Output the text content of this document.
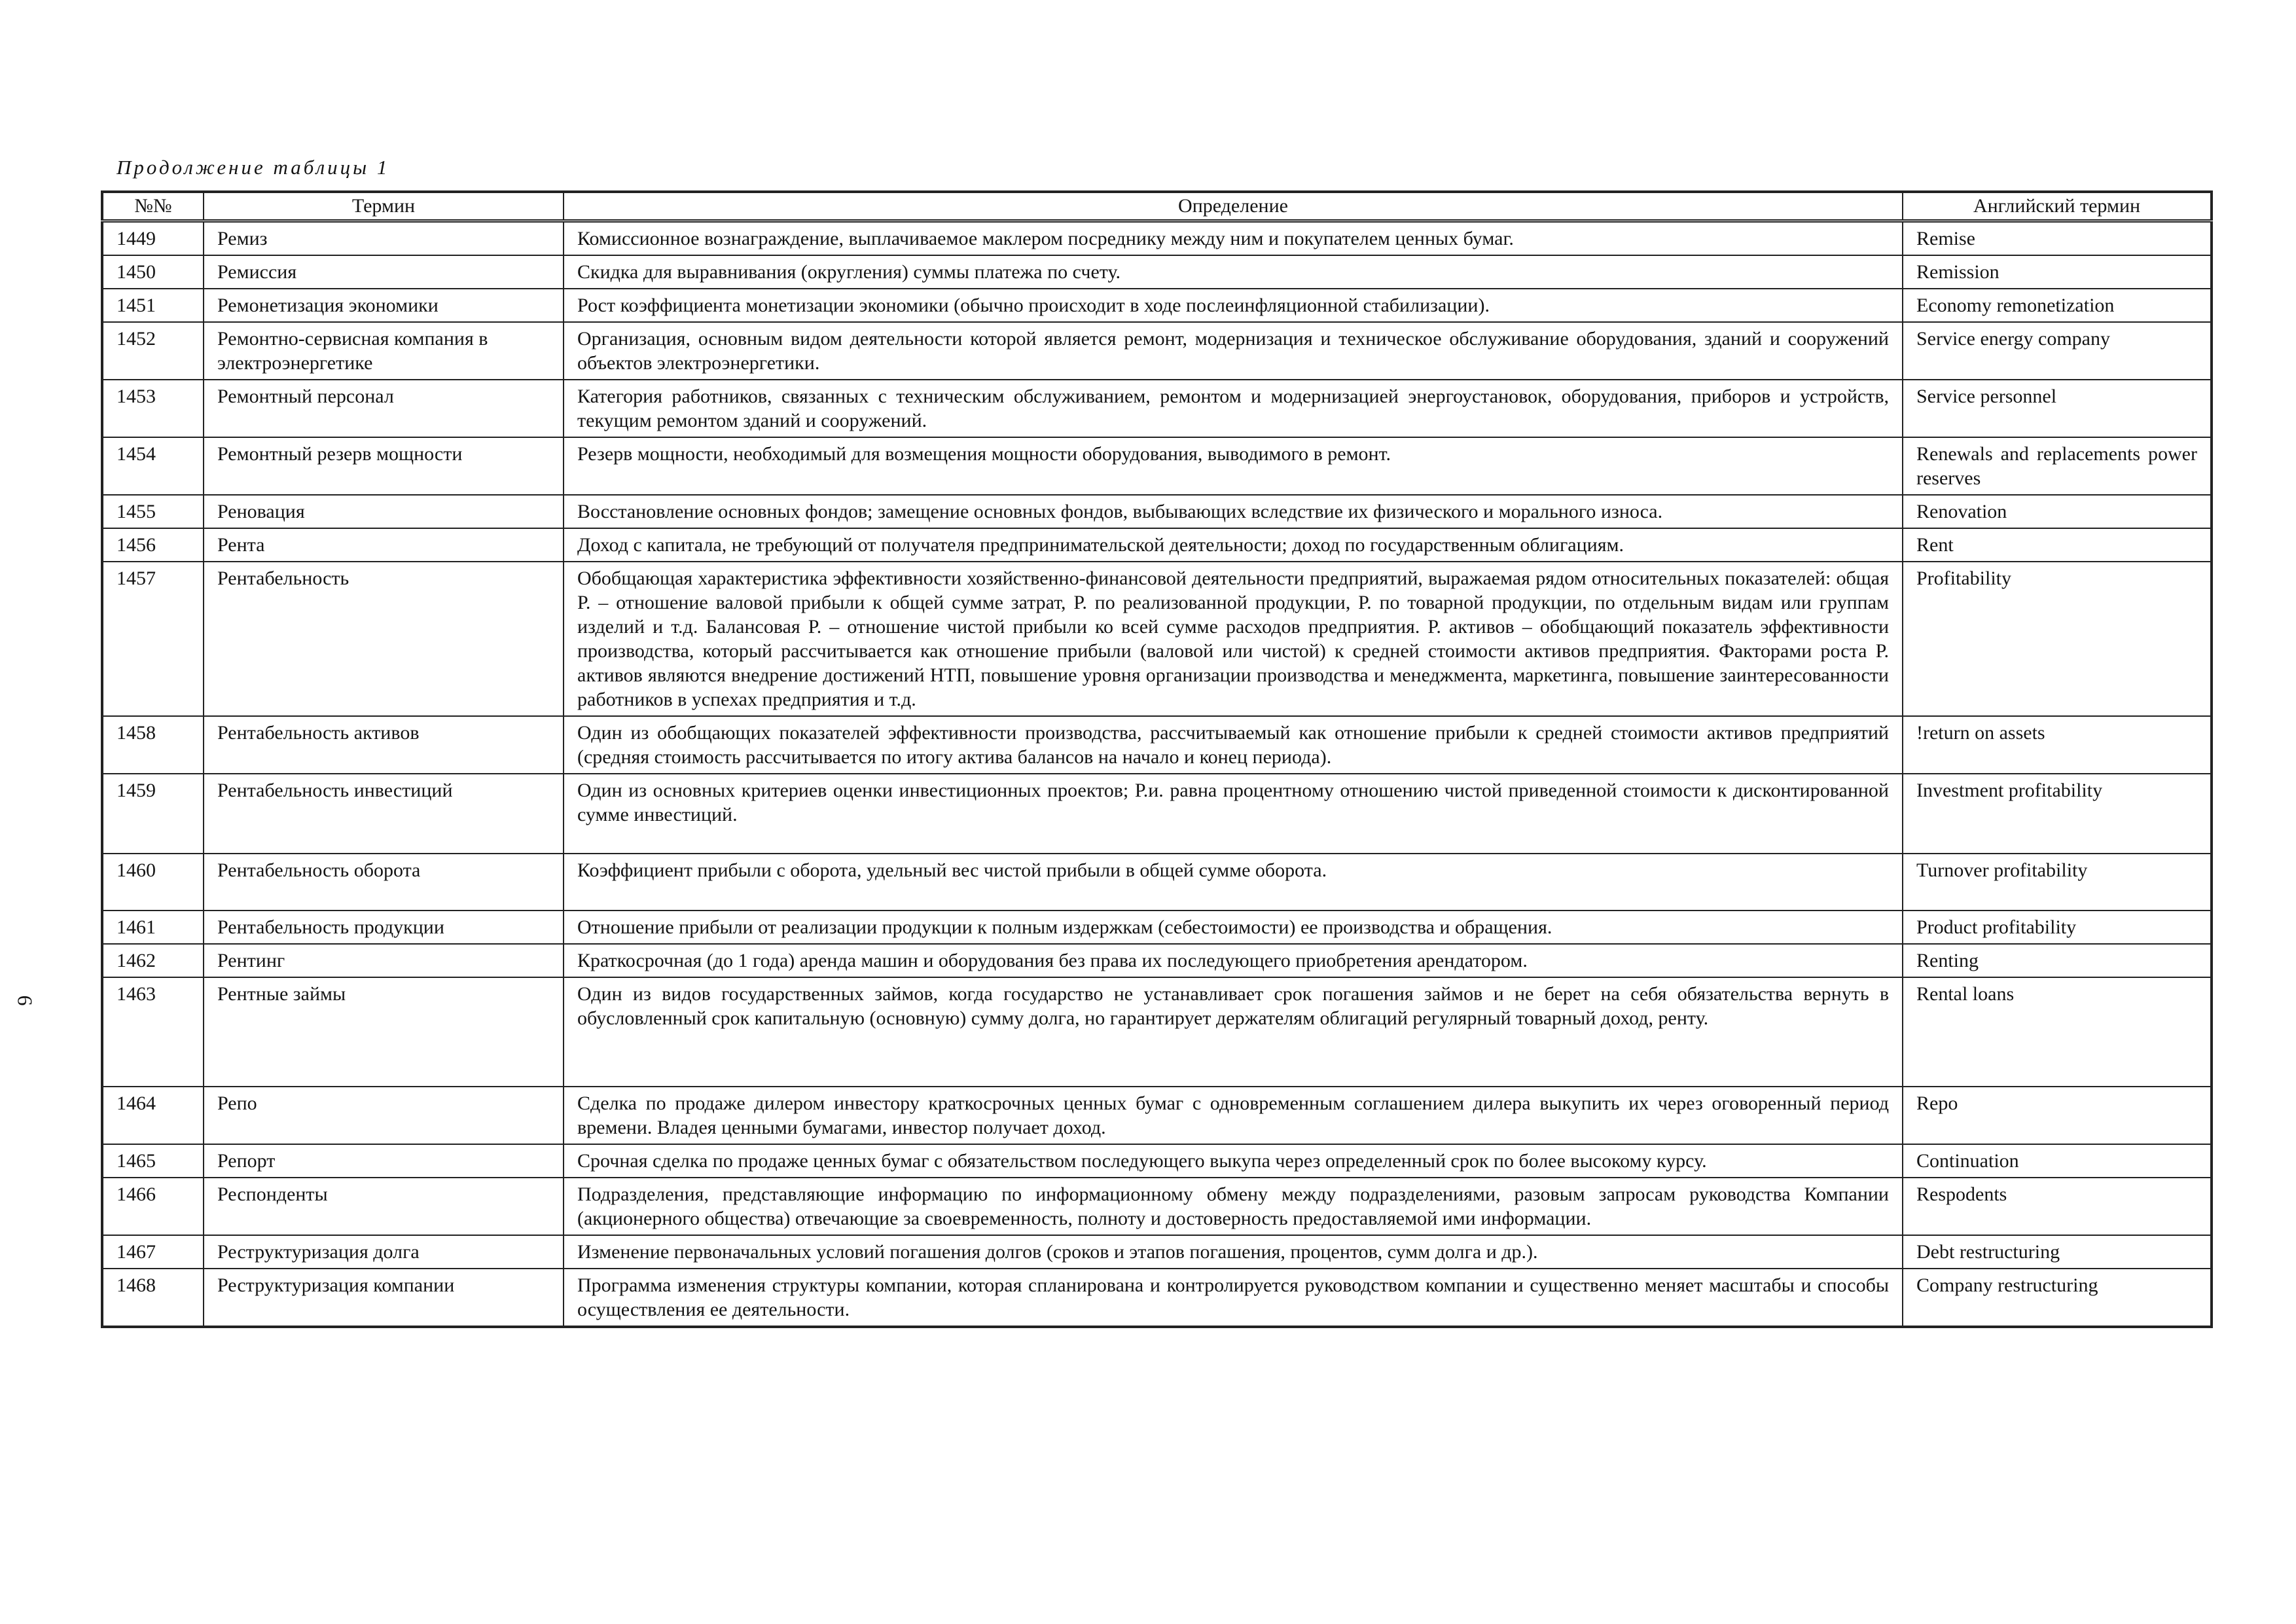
Продолжение таблицы 1
6
№№	Термин	Определение	Английский термин
1449	Ремиз	Комиссионное вознаграждение, выплачиваемое маклером посреднику между ним и покупателем ценных бумаг.	Remise
1450	Ремиссия	Скидка для выравнивания (округления) суммы платежа по счету.	Remission
1451	Ремонетизация экономики	Рост коэффициента монетизации экономики (обычно происходит в ходе послеинфляционной стабилизации).	Economy remonetization
1452	Ремонтно-сервисная компания в электроэнергетике	Организация, основным видом деятельности которой является ремонт, модернизация и техническое обслуживание оборудования, зданий и сооружений объектов электроэнергетики.	Service energy company
1453	Ремонтный персонал	Категория работников, связанных с техническим обслуживанием, ремонтом и модернизацией энергоустановок, оборудования, приборов и устройств, текущим ремонтом зданий и сооружений.	Service personnel
1454	Ремонтный резерв мощности	Резерв мощности, необходимый для возмещения мощности оборудования, выводимого в ремонт.	Renewals and replacements power reserves
1455	Реновация	Восстановление основных фондов; замещение основных фондов, выбывающих вследствие их физического и морального износа.	Renovation
1456	Рента	Доход с капитала, не требующий от получателя предпринимательской деятельности; доход по государственным облигациям.	Rent
1457	Рентабельность	Обобщающая характеристика эффективности хозяйственно-финансовой деятельности предприятий, выражаемая рядом относительных показателей: общая Р. – отношение валовой прибыли к общей сумме затрат, Р. по реализованной продукции, Р. по товарной продукции, по отдельным видам или группам изделий и т.д. Балансовая Р. – отношение чистой прибыли ко всей сумме расходов предприятия. Р. активов – обобщающий показатель эффективности производства, который рассчитывается как отношение прибыли (валовой или чистой) к средней стоимости активов предприятия. Факторами роста Р. активов являются внедрение достижений НТП, повышение уровня организации производства и менеджмента, маркетинга, повышение заинтересованности работников в успехах предприятия и т.д.	Profitability
1458	Рентабельность активов	Один из обобщающих показателей эффективности производства, рассчитываемый как отношение прибыли к средней стоимости активов предприятий (средняя стоимость рассчитывается по итогу актива балансов на начало и конец периода).	!return on assets
1459	Рентабельность инвестиций	Один из основных критериев оценки инвестиционных проектов; Р.и. равна процентному отношению чистой приведенной стоимости к дисконтированной сумме инвестиций.	Investment profitability
1460	Рентабельность оборота	Коэффициент прибыли с оборота, удельный вес чистой прибыли в общей сумме оборота.	Turnover profitability
1461	Рентабельность продукции	Отношение прибыли от реализации продукции к полным издержкам (себестоимости) ее производства и обращения.	Product profitability
1462	Рентинг	Краткосрочная (до 1 года) аренда машин и оборудования без права их последующего приобретения арендатором.	Renting
1463	Рентные займы	Один из видов государственных займов, когда государство не устанавливает срок погашения займов и не берет на себя обязательства вернуть в обусловленный срок капитальную (основную) сумму долга, но гарантирует держателям облигаций регулярный товарный доход, ренту.	Rental loans
1464	Репо	Сделка по продаже дилером инвестору краткосрочных ценных бумаг с одновременным соглашением дилера выкупить их через оговоренный период времени. Владея ценными бумагами, инвестор получает доход.	Repo
1465	Репорт	Срочная сделка по продаже ценных бумаг с обязательством последующего выкупа через определенный срок по более высокому курсу.	Continuation
1466	Респонденты	Подразделения, представляющие информацию по информационному обмену между подразделениями, разовым запросам руководства Компании (акционерного общества) отвечающие за своевременность, полноту и достоверность предоставляемой ими информации.	Respodents
1467	Реструктуризация долга	Изменение первоначальных условий погашения долгов (сроков и этапов погашения, процентов, сумм долга и др.).	Debt restructuring
1468	Реструктуризация компании	Программа изменения структуры компании, которая спланирована и контролируется руководством компании и существенно меняет масштабы и способы осуществления ее деятельности.	Company restructuring
